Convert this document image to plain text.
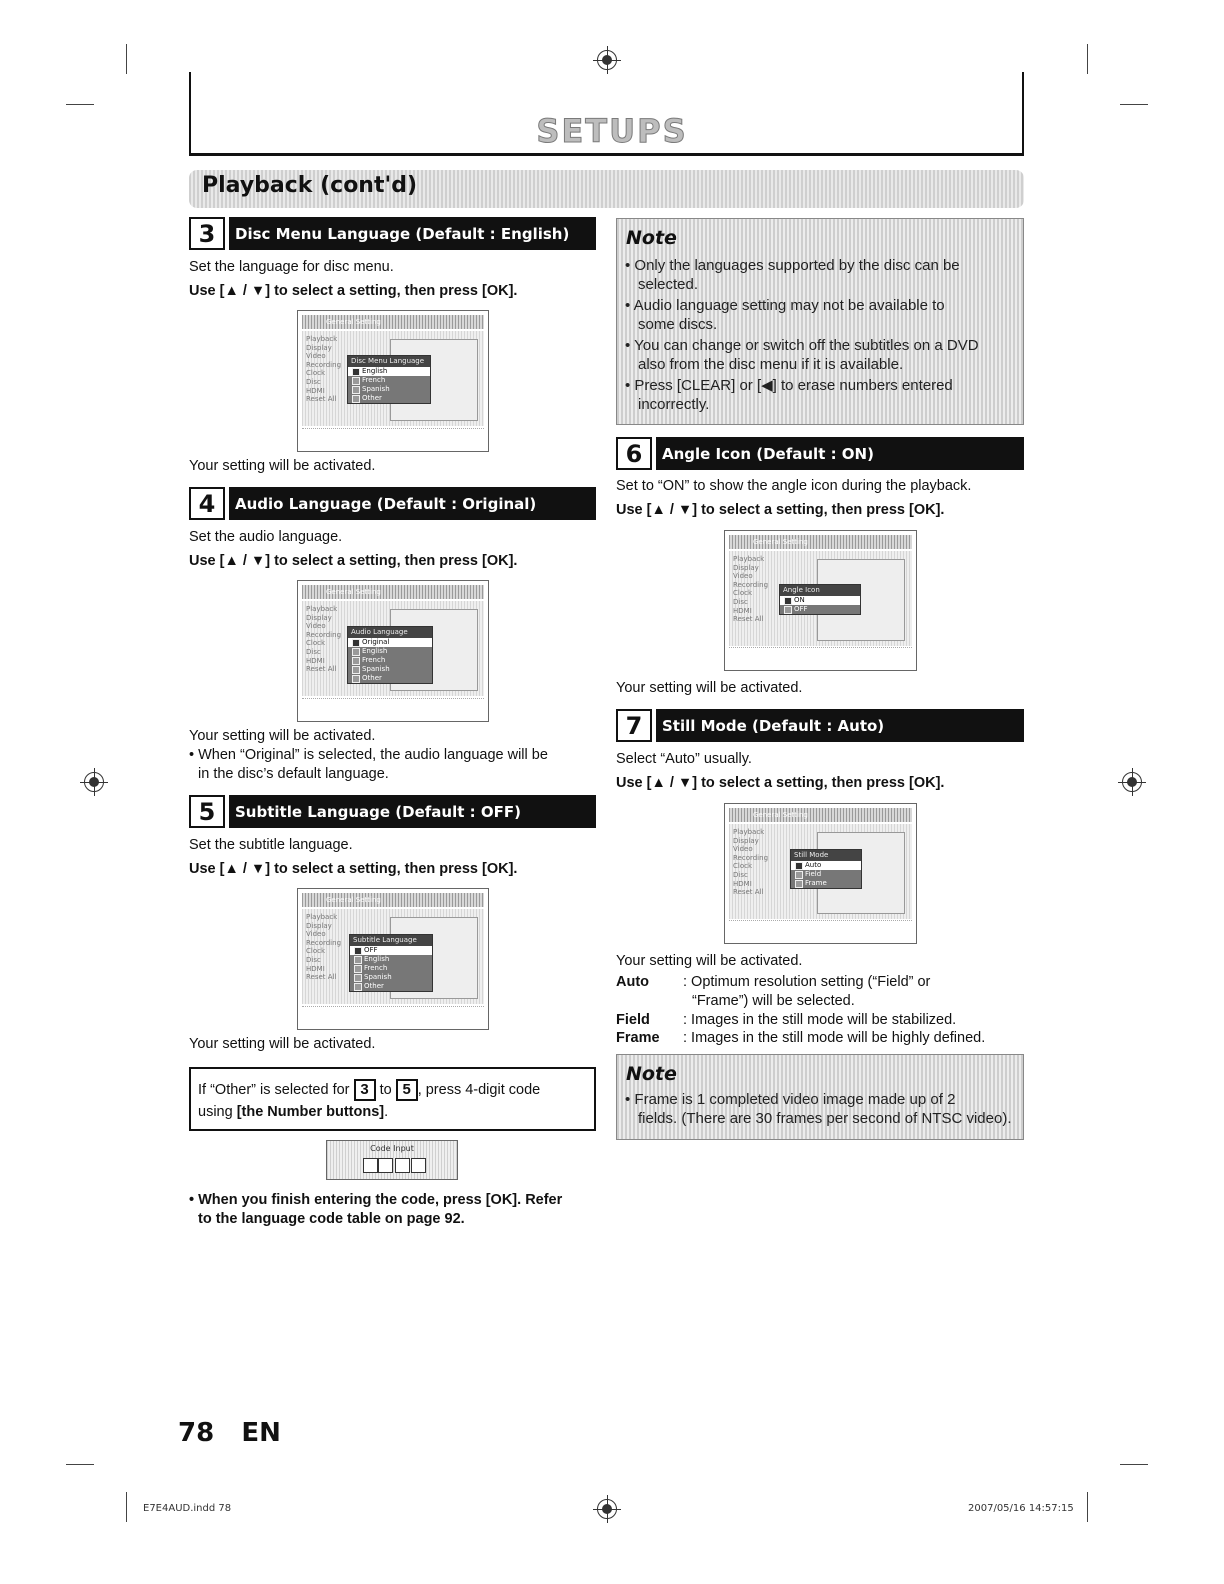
SETUPS
Playback (cont'd)
3	Disc Menu Language (Default : English)
Set the language for disc menu.
Use [▲ / ▼] to select a setting, then press [OK].
General Setting
Playback
Display
Video
Recording
Clock
Disc
HDMI
Reset All
Disc Menu Language
English
French
Spanish
Other
Your setting will be activated.
4	Audio Language (Default : Original)
Set the audio language.
Use [▲ / ▼] to select a setting, then press [OK].
General Setting
Playback
Display
Video
Recording
Clock
Disc
HDMI
Reset All
Audio Language
Original
English
French
Spanish
Other
Your setting will be activated.
• When “Original” is selected, the audio language will be
in the disc’s default language.
5	Subtitle Language (Default : OFF)
Set the subtitle language.
Use [▲ / ▼] to select a setting, then press [OK].
General Setting
Playback
Display
Video
Recording
Clock
Disc
HDMI
Reset All
Subtitle Language
OFF
English
French
Spanish
Other
Your setting will be activated.
If “Other” is selected for 3 to 5 , press 4-digit code
using [the Number buttons].
Code Input
• When you finish entering the code, press [OK]. Refer
to the language code table on page 92.
Note
• Only the languages supported by the disc can be
selected.
• Audio language setting may not be available to
some discs.
• You can change or switch off the subtitles on a DVD
also from the disc menu if it is available.
• Press [CLEAR] or [◀] to erase numbers entered
incorrectly.
6	Angle Icon (Default : ON)
Set to “ON” to show the angle icon during the playback.
Use [▲ / ▼] to select a setting, then press [OK].
General Setting
Playback
Display
Video
Recording
Clock
Disc
HDMI
Reset All
Angle Icon
ON
OFF
Your setting will be activated.
7	Still Mode (Default : Auto)
Select “Auto” usually.
Use [▲ / ▼] to select a setting, then press [OK].
General Setting
Playback
Display
Video
Recording
Clock
Disc
HDMI
Reset All
Still Mode
Auto
Field
Frame
Your setting will be activated.
Auto : Optimum resolution setting (“Field” or
“Frame”) will be selected.
Field : Images in the still mode will be stabilized.
Frame : Images in the still mode will be highly defined.
Note
• Frame is 1 completed video image made up of 2
fields. (There are 30 frames per second of NTSC video).
78 EN
E7E4AUD.indd 78	2007/05/16 14:57:15
